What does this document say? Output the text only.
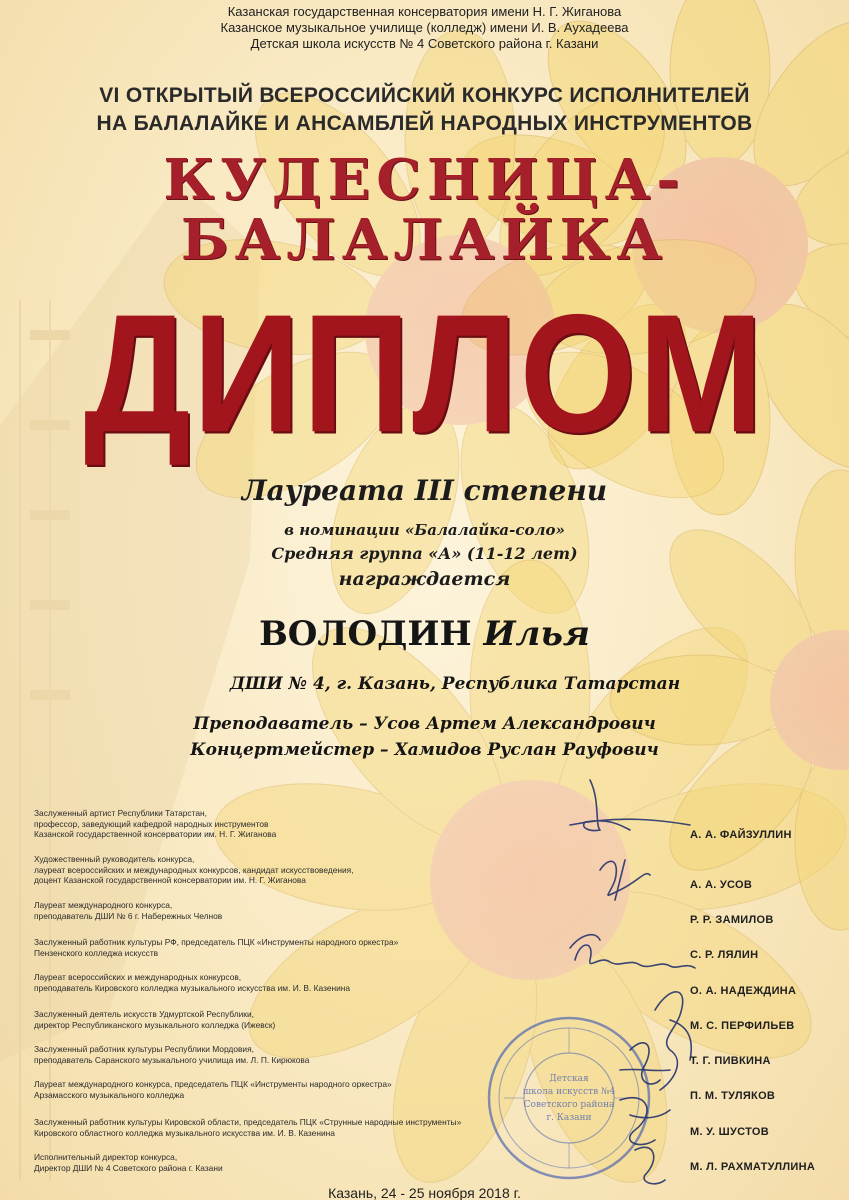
Казанская государственная консерватория имени Н. Г. Жиганова
Казанское музыкальное училище (колледж) имени И. В. Аухадеева
Детская школа искусств № 4 Советского района г. Казани
VI ОТКРЫТЫЙ ВСЕРОССИЙСКИЙ КОНКУРС ИСПОЛНИТЕЛЕЙ
НА БАЛАЛАЙКЕ И АНСАМБЛЕЙ НАРОДНЫХ ИНСТРУМЕНТОВ
КУДЕСНИЦА-
БАЛАЛАЙКА
ДИПЛОМ
Лауреата III степени
в номинации «Балалайка-соло»
Средняя группа «А» (11-12 лет)
награждается
ВОЛОДИН Илья
ДШИ № 4, г. Казань, Республика Татарстан
Преподаватель – Усов Артем Александрович
Концертмейстер – Хамидов Руслан Рауфович
Заслуженный артист Республики Татарстан,
профессор, заведующий кафедрой народных инструментов
Казанской государственной консерватории им. Н. Г. Жиганова
Художественный руководитель конкурса,
лауреат всероссийских и международных конкурсов, кандидат искусствоведения,
доцент Казанской государственной консерватории им. Н. Г. Жиганова
Лауреат международного конкурса,
преподаватель ДШИ № 6 г. Набережных Челнов
Заслуженный работник культуры РФ, председатель ПЦК «Инструменты народного оркестра»
Пензенского колледжа искусств
Лауреат всероссийских и международных конкурсов,
преподаватель Кировского колледжа музыкального искусства им. И. В. Казенина
Заслуженный деятель искусств Удмуртской Республики,
директор Республиканского музыкального колледжа (Ижевск)
Заслуженный работник культуры Республики Мордовия,
преподаватель Саранского музыкального училища им. Л. П. Кирюкова
Лауреат международного конкурса, председатель ПЦК «Инструменты народного оркестра»
Арзамасского музыкального колледжа
Заслуженный работник культуры Кировской области, председатель ПЦК «Струнные народные инструменты»
Кировского областного колледжа музыкального искусства им. И. В. Казенина
Исполнительный директор конкурса,
Директор ДШИ № 4 Советского района г. Казани
Детская
школа искусств №4
Советского района
г. Казани
А. А. ФАЙЗУЛЛИН
А. А. УСОВ
Р. Р. ЗАМИЛОВ
С. Р. ЛЯЛИН
О. А. НАДЕЖДИНА
М. С. ПЕРФИЛЬЕВ
Т. Г. ПИВКИНА
П. М. ТУЛЯКОВ
М. У. ШУСТОВ
М. Л. РАХМАТУЛЛИНА
Казань, 24 - 25 ноября 2018 г.
